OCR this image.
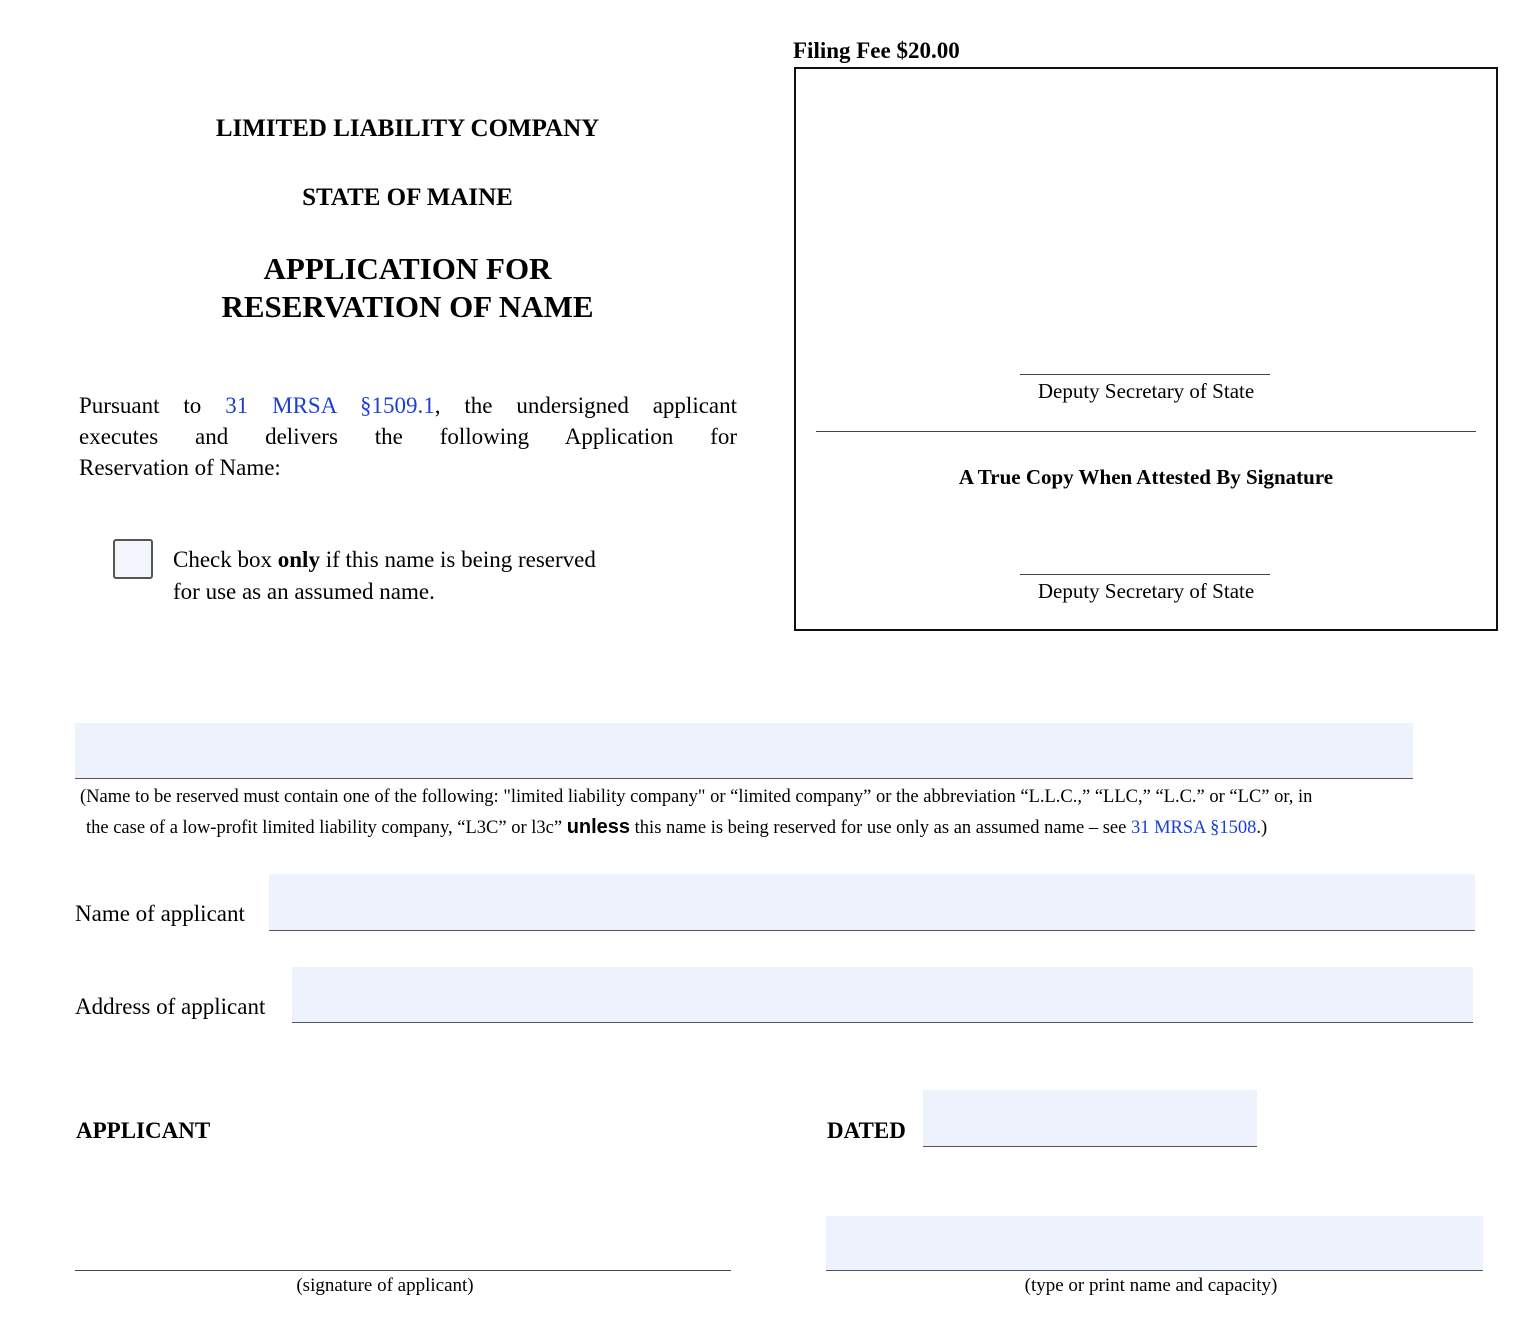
Filing Fee $20.00
Deputy Secretary of State
A True Copy When Attested By Signature
Deputy Secretary of State
LIMITED LIABILITY COMPANY
STATE OF MAINE
APPLICATION FOR
RESERVATION OF NAME
Pursuant to 31 MRSA §1509.1, the undersigned applicant
executes and delivers the following Application for
Reservation of Name:
Check box only if this name is being reserved
for use as an assumed name.
(Name to be reserved must contain one of the following: "limited liability company" or “limited company” or the abbreviation “L.L.C.,” “LLC,” “L.C.” or “LC” or, in
the case of a low-profit limited liability company, “L3C” or l3c” unless this name is being reserved for use only as an assumed name – see 31 MRSA §1508.)
Name of applicant
Address of applicant
APPLICANT	DATED
(signature of applicant)	(type or print name and capacity)
